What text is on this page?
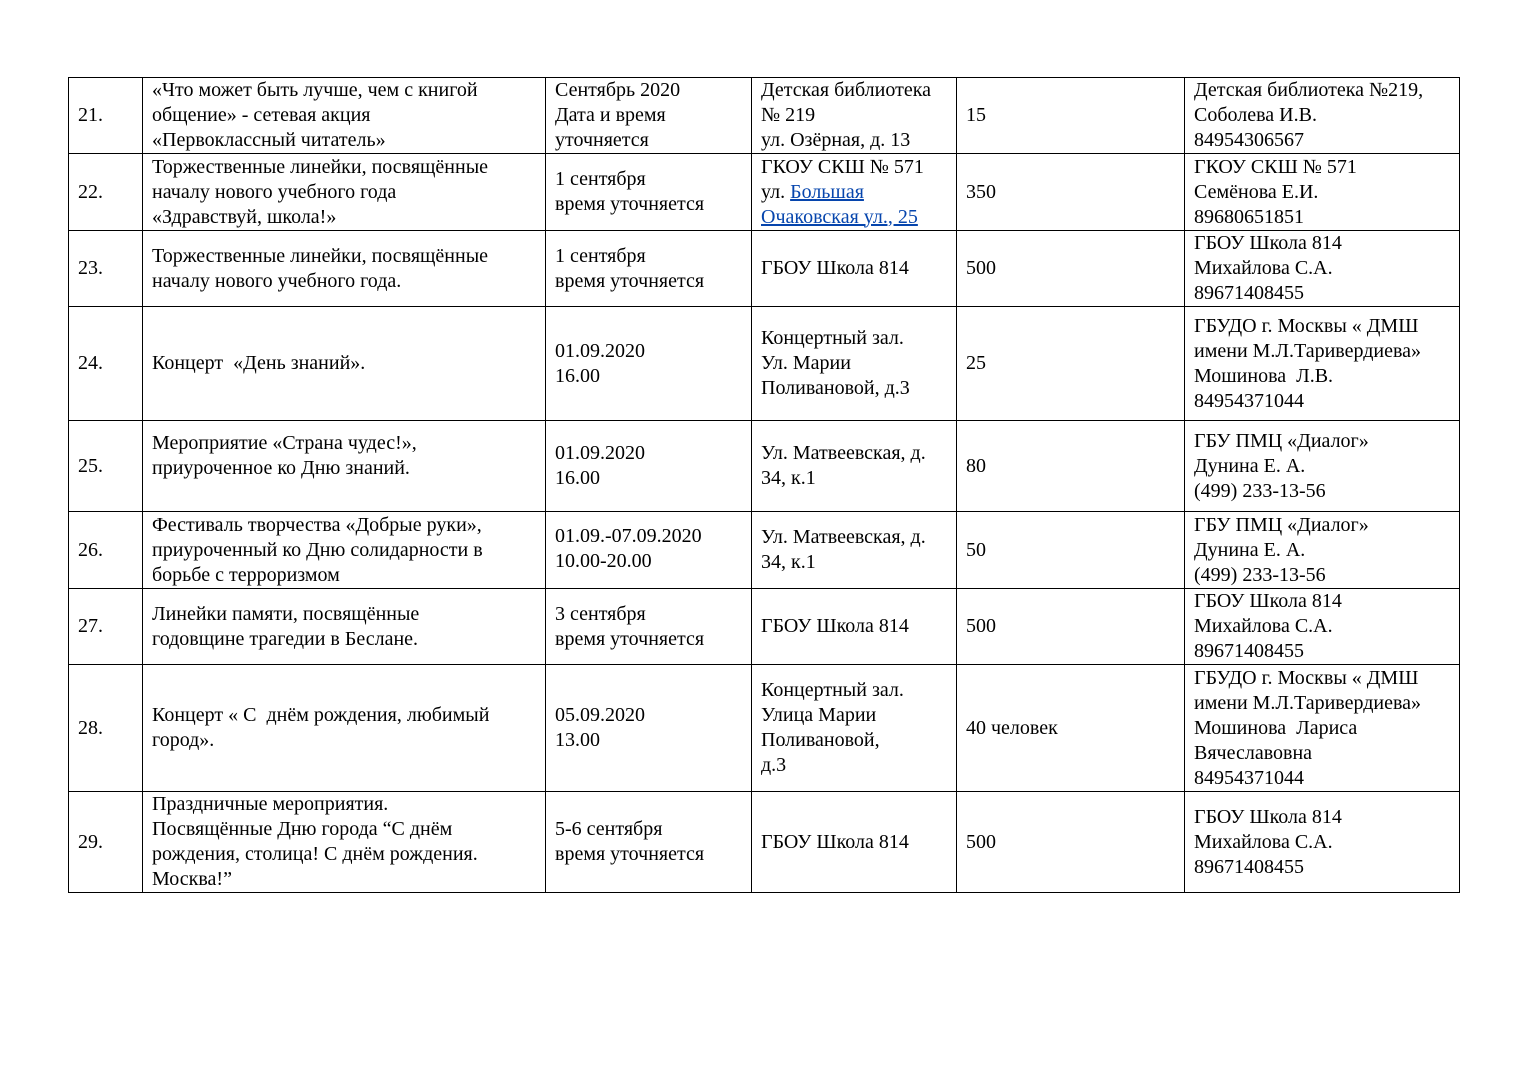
21.	«Что может быть лучше, чем с книгой
общение» - сетевая акция
«Первоклассный читатель»	Сентябрь 2020
Дата и время
уточняется	Детская библиотека
№ 219
ул. Озёрная, д. 13	15	Детская библиотека №219,
Соболева И.В.
84954306567

22.	Торжественные линейки, посвящённые
началу нового учебного года
«Здравствуй, школа!»	1 сентября
время уточняется	ГКОУ СКШ № 571
ул. Большая
Очаковская ул., 25	350	ГКОУ СКШ № 571
Семёнова Е.И.
89680651851

23.	Торжественные линейки, посвящённые
началу нового учебного года.	1 сентября
время уточняется	ГБОУ Школа 814	500	ГБОУ Школа 814
Михайлова С.А.
89671408455

24.	Концерт  «День знаний».	01.09.2020
16.00	Концертный зал.
Ул. Марии
Поливановой, д.3	25	ГБУДО г. Москвы « ДМШ
имени М.Л.Таривердиева»
Мошинова  Л.В.
84954371044

25.	Мероприятие «Страна чудес!»,
приуроченное ко Дню знаний.	01.09.2020
16.00	Ул. Матвеевская, д.
34, к.1	80	ГБУ ПМЦ «Диалог»
Дунина Е. А.
(499) 233-13-56

26.	Фестиваль творчества «Добрые руки»,
приуроченный ко Дню солидарности в
борьбе с терроризмом	01.09.-07.09.2020
10.00-20.00	Ул. Матвеевская, д.
34, к.1	50	ГБУ ПМЦ «Диалог»
Дунина Е. А.
(499) 233-13-56

27.	Линейки памяти, посвящённые
годовщине трагедии в Беслане.	3 сентября
время уточняется	ГБОУ Школа 814	500	ГБОУ Школа 814
Михайлова С.А.
89671408455

28.	Концерт « С  днём рождения, любимый
город».	05.09.2020
13.00	Концертный зал.
Улица Марии
Поливановой,
д.3	40 человек	ГБУДО г. Москвы « ДМШ
имени М.Л.Таривердиева»
Мошинова  Лариса
Вячеславовна
84954371044

29.	Праздничные мероприятия.
Посвящённые Дню города “С днём
рождения, столица! С днём рождения.
Москва!”	5-6 сентября
время уточняется	ГБОУ Школа 814	500	ГБОУ Школа 814
Михайлова С.А.
89671408455
